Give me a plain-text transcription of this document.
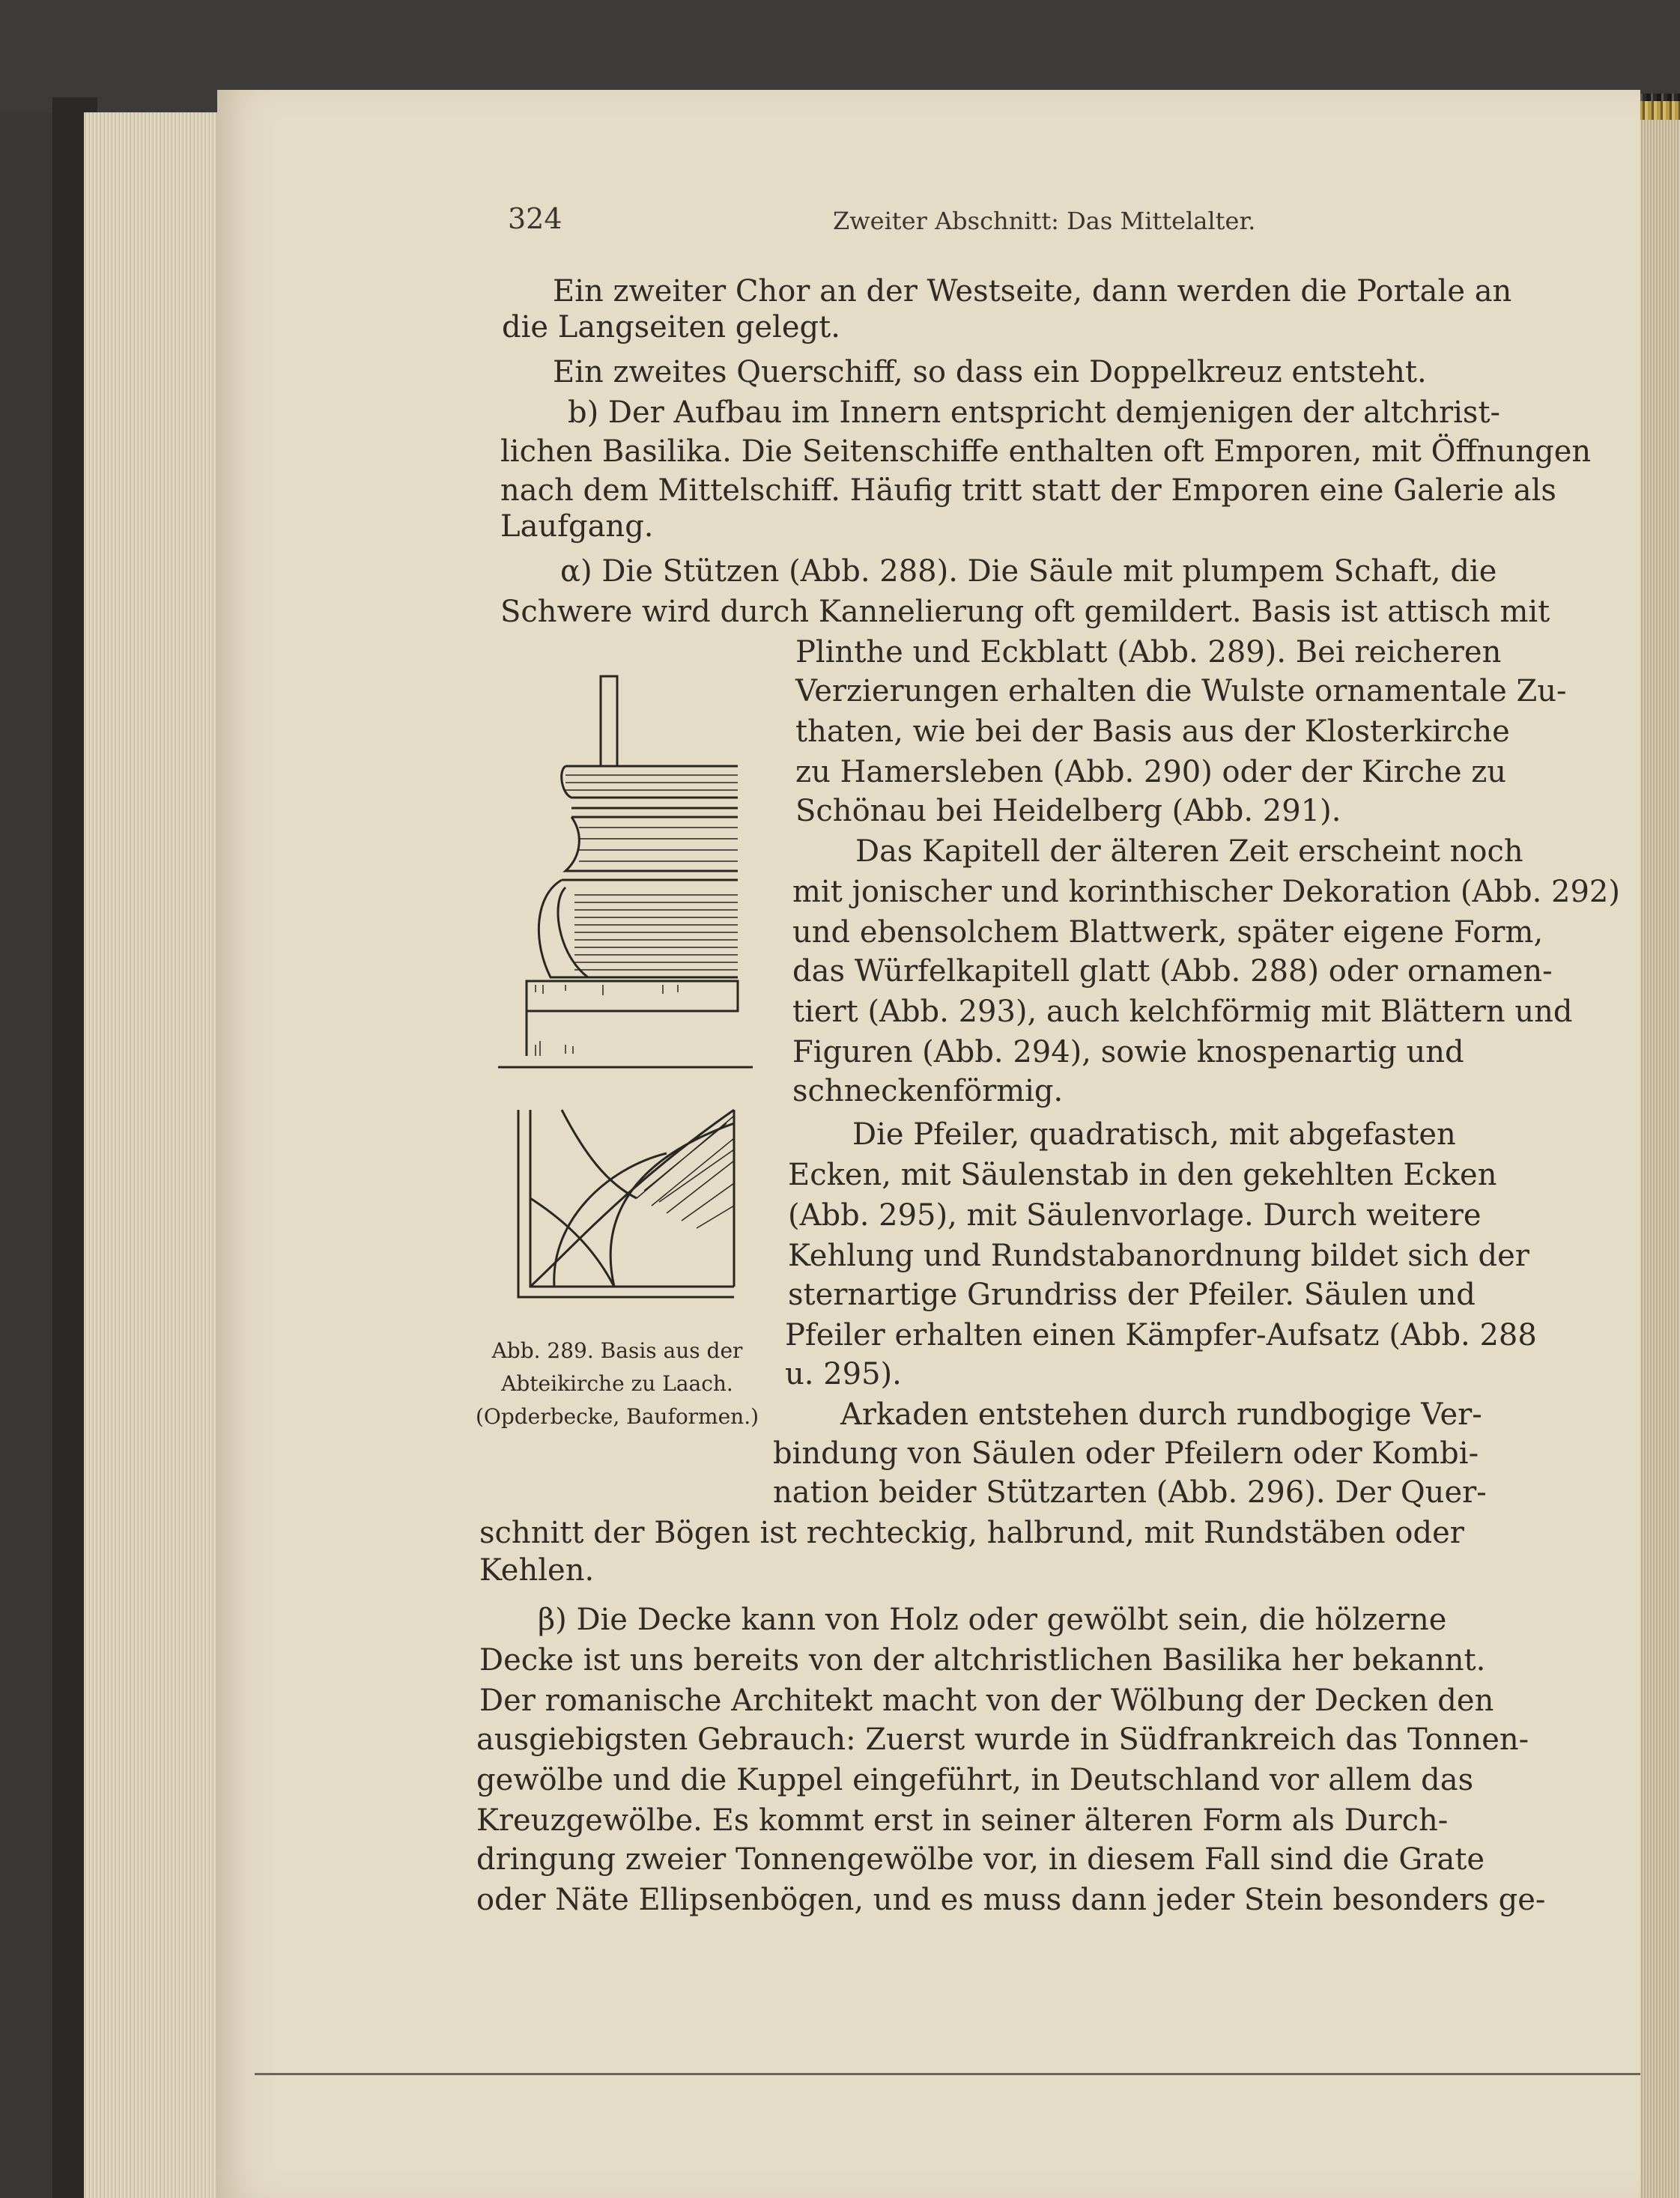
324	Zweiter Abschnitt: Das Mittelalter.
Ein zweiter Chor an der Westseite, dann werden die Portale an
die Langseiten gelegt.
Ein zweites Querschiff, so dass ein Doppelkreuz entsteht.
b) Der Aufbau im Innern entspricht demjenigen der altchrist-
lichen Basilika. Die Seitenschiffe enthalten oft Emporen, mit Öffnungen
nach dem Mittelschiff. Häufig tritt statt der Emporen eine Galerie als
Laufgang.
α) Die Stützen (Abb. 288). Die Säule mit plumpem Schaft, die
Schwere wird durch Kannelierung oft gemildert. Basis ist attisch mit
Plinthe und Eckblatt (Abb. 289). Bei reicheren
Verzierungen erhalten die Wulste ornamentale Zu-
thaten, wie bei der Basis aus der Klosterkirche
zu Hamersleben (Abb. 290) oder der Kirche zu
Schönau bei Heidelberg (Abb. 291).
Das Kapitell der älteren Zeit erscheint noch
mit jonischer und korinthischer Dekoration (Abb. 292)
und ebensolchem Blattwerk, später eigene Form,
das Würfelkapitell glatt (Abb. 288) oder ornamen-
tiert (Abb. 293), auch kelchförmig mit Blättern und
Figuren (Abb. 294), sowie knospenartig und
schneckenförmig.
Die Pfeiler, quadratisch, mit abgefasten
Ecken, mit Säulenstab in den gekehlten Ecken
(Abb. 295), mit Säulenvorlage. Durch weitere
Kehlung und Rundstabanordnung bildet sich der
sternartige Grundriss der Pfeiler. Säulen und
Pfeiler erhalten einen Kämpfer-Aufsatz (Abb. 288
u. 295).
Arkaden entstehen durch rundbogige Ver-
bindung von Säulen oder Pfeilern oder Kombi-
nation beider Stützarten (Abb. 296). Der Quer-
schnitt der Bögen ist rechteckig, halbrund, mit Rundstäben oder
Kehlen.
β) Die Decke kann von Holz oder gewölbt sein, die hölzerne
Decke ist uns bereits von der altchristlichen Basilika her bekannt.
Der romanische Architekt macht von der Wölbung der Decken den
ausgiebigsten Gebrauch: Zuerst wurde in Südfrankreich das Tonnen-
gewölbe und die Kuppel eingeführt, in Deutschland vor allem das
Kreuzgewölbe. Es kommt erst in seiner älteren Form als Durch-
dringung zweier Tonnengewölbe vor, in diesem Fall sind die Grate
oder Näte Ellipsenbögen, und es muss dann jeder Stein besonders ge-
Abb. 289. Basis aus der
Abteikirche zu Laach.
(Opderbecke, Bauformen.)
